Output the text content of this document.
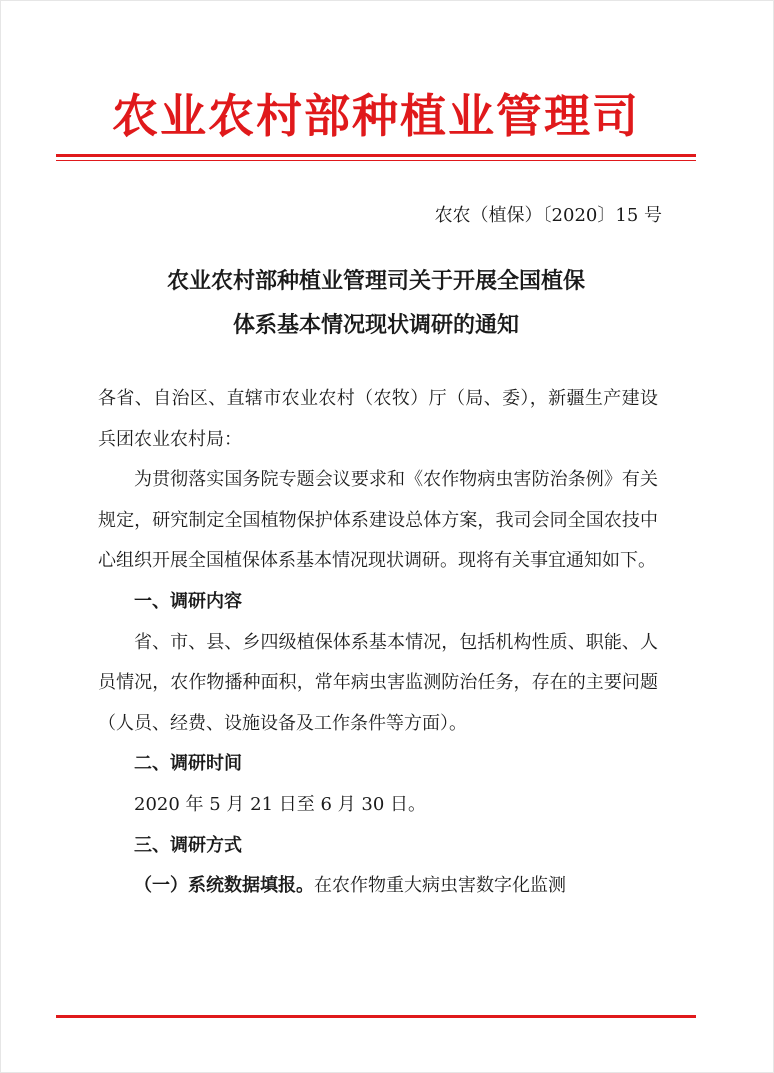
农业农村部种植业管理司
农农（植保）〔2020〕15 号
农业农村部种植业管理司关于开展全国植保
体系基本情况现状调研的通知

各省、自治区、直辖市农业农村（农牧）厅（局、委），新疆生产建设兵团农业农村局：

为贯彻落实国务院专题会议要求和《农作物病虫害防治条例》有关规定，研究制定全国植物保护体系建设总体方案，我司会同全国农技中心组织开展全国植保体系基本情况现状调研。现将有关事宜通知如下。

一、调研内容

省、市、县、乡四级植保体系基本情况，包括机构性质、职能、人员情况，农作物播种面积，常年病虫害监测防治任务，存在的主要问题（人员、经费、设施设备及工作条件等方面）。

二、调研时间

2020 年 5 月 21 日至 6 月 30 日。

三、调研方式

（一）系统数据填报。在农作物重大病虫害数字化监测
